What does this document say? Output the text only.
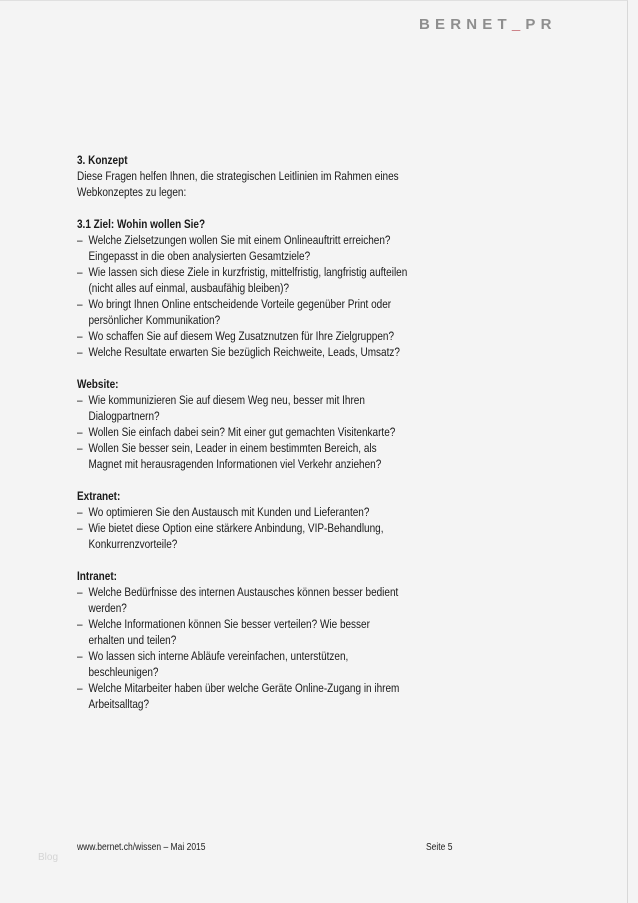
BERNET_PR
3. Konzept
Diese Fragen helfen Ihnen, die strategischen Leitlinien im Rahmen eines
Webkonzeptes zu legen:
3.1 Ziel: Wohin wollen Sie?
– Welche Zielsetzungen wollen Sie mit einem Onlineauftritt erreichen?
Eingepasst in die oben analysierten Gesamtziele?
– Wie lassen sich diese Ziele in kurzfristig, mittelfristig, langfristig aufteilen
(nicht alles auf einmal, ausbaufähig bleiben)?
– Wo bringt Ihnen Online entscheidende Vorteile gegenüber Print oder
persönlicher Kommunikation?
– Wo schaffen Sie auf diesem Weg Zusatznutzen für Ihre Zielgruppen?
– Welche Resultate erwarten Sie bezüglich Reichweite, Leads, Umsatz?
Website:
– Wie kommunizieren Sie auf diesem Weg neu, besser mit Ihren
Dialogpartnern?
– Wollen Sie einfach dabei sein? Mit einer gut gemachten Visitenkarte?
– Wollen Sie besser sein, Leader in einem bestimmten Bereich, als
Magnet mit herausragenden Informationen viel Verkehr anziehen?
Extranet:
– Wo optimieren Sie den Austausch mit Kunden und Lieferanten?
– Wie bietet diese Option eine stärkere Anbindung, VIP-Behandlung,
Konkurrenzvorteile?
Intranet:
– Welche Bedürfnisse des internen Austausches können besser bedient
werden?
– Welche Informationen können Sie besser verteilen? Wie besser
erhalten und teilen?
– Wo lassen sich interne Abläufe vereinfachen, unterstützen,
beschleunigen?
– Welche Mitarbeiter haben über welche Geräte Online-Zugang in ihrem
Arbeitsalltag?
www.bernet.ch/wissen – Mai 2015	Seite 5
Blog
